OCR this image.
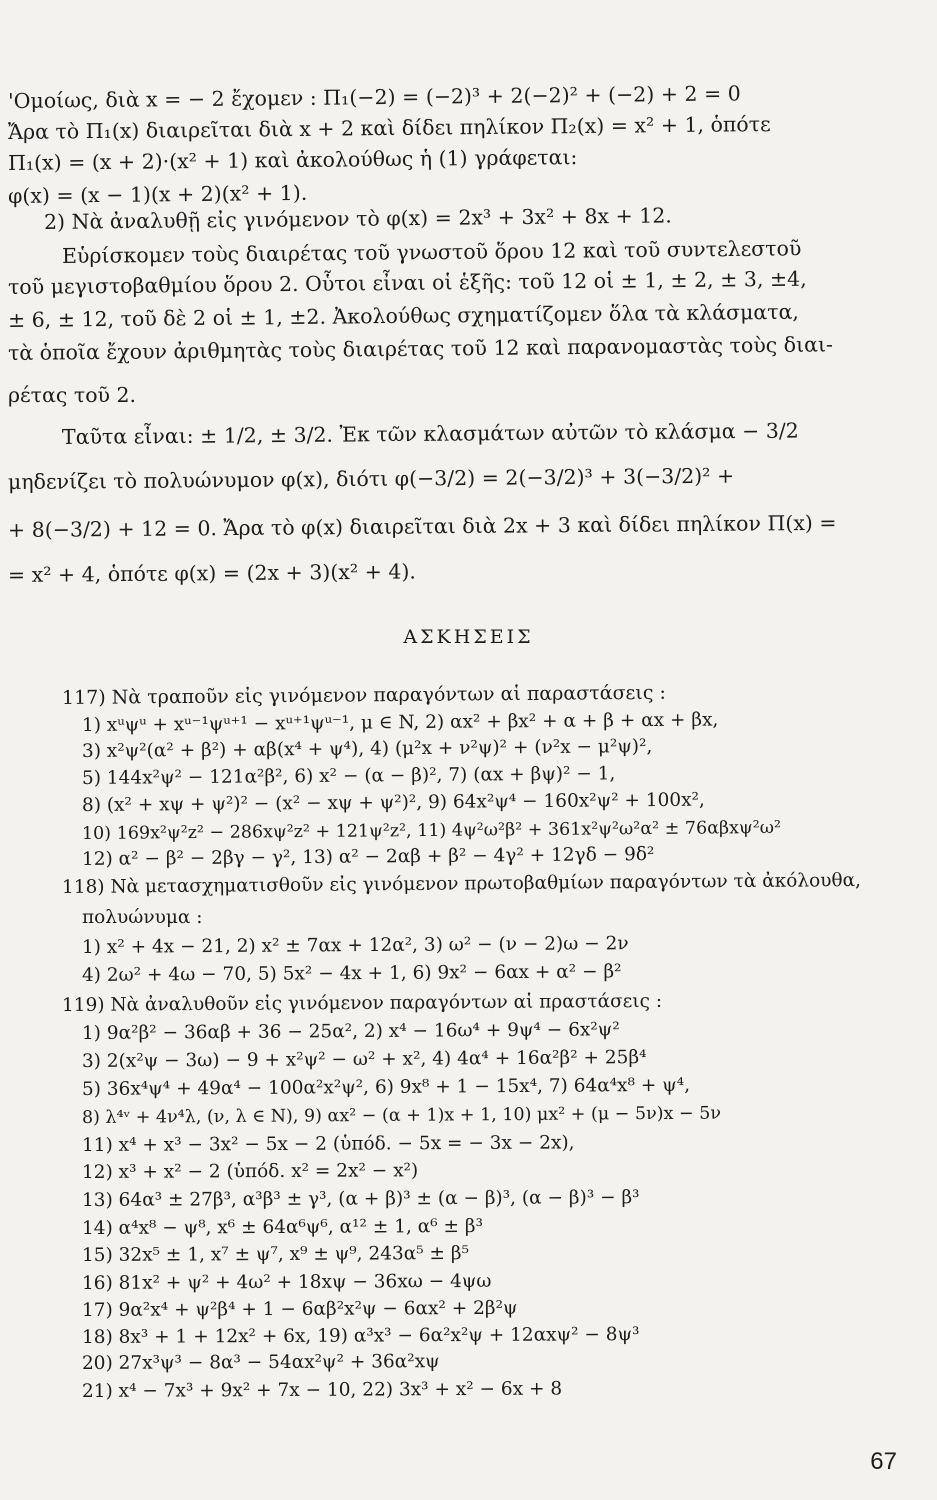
'Ομοίως, διὰ x = − 2 ἔχομεν : Π₁(−2) = (−2)³ + 2(−2)² + (−2) + 2 = 0
Ἄρα τὸ Π₁(x) διαιρεῖται διὰ x + 2 καὶ δίδει πηλίκον Π₂(x) = x² + 1, ὁπότε
Π₁(x) = (x + 2)·(x² + 1) καὶ ἀκολούθως ἡ (1) γράφεται:
φ(x) = (x − 1)(x + 2)(x² + 1).
2) Νὰ ἀναλυθῇ εἰς γινόμενον τὸ φ(x) = 2x³ + 3x² + 8x + 12.
Εὑρίσκομεν τοὺς διαιρέτας τοῦ γνωστοῦ ὅρου 12 καὶ τοῦ συντελεστοῦ
τοῦ μεγιστοβαθμίου ὅρου 2. Οὗτοι εἶναι οἱ ἑξῆς: τοῦ 12 οἱ ± 1, ± 2, ± 3, ±4,
± 6, ± 12, τοῦ δὲ 2 οἱ ± 1, ±2. Ἀκολούθως σχηματίζομεν ὅλα τὰ κλάσματα,
τὰ ὁποῖα ἔχουν ἀριθμητὰς τοὺς διαιρέτας τοῦ 12 καὶ παρανομαστὰς τοὺς διαι-
ρέτας τοῦ 2.
Ταῦτα εἶναι: ± 1/2, ± 3/2. Ἐκ τῶν κλασμάτων αὐτῶν τὸ κλάσμα − 3/2
μηδενίζει τὸ πολυώνυμον φ(x), διότι φ(−3/2) = 2(−3/2)³ + 3(−3/2)² +
+ 8(−3/2) + 12 = 0. Ἄρα τὸ φ(x) διαιρεῖται διὰ 2x + 3 καὶ δίδει πηλίκον Π(x) =
= x² + 4, ὁπότε φ(x) = (2x + 3)(x² + 4).
ΑΣΚΗΣΕΙΣ
117) Νὰ τραποῦν εἰς γινόμενον παραγόντων αἱ παραστάσεις :
1) xᵘψᵘ + xᵘ⁻¹ψᵘ⁺¹ − xᵘ⁺¹ψᵘ⁻¹, μ ∈ N, 2) αx² + βx² + α + β + αx + βx,
3) x²ψ²(α² + β²) + αβ(x⁴ + ψ⁴), 4) (μ²x + ν²ψ)² + (ν²x − μ²ψ)²,
5) 144x²ψ² − 121α²β², 6) x² − (α − β)², 7) (αx + βψ)² − 1,
8) (x² + xψ + ψ²)² − (x² − xψ + ψ²)², 9) 64x²ψ⁴ − 160x²ψ² + 100x²,
10) 169x²ψ²z² − 286xψ²z² + 121ψ²z², 11) 4ψ²ω²β² + 361x²ψ²ω²α² ± 76αβxψ²ω²
12) α² − β² − 2βγ − γ², 13) α² − 2αβ + β² − 4γ² + 12γδ − 9δ²
118) Νὰ μετασχηματισθοῦν εἰς γινόμενον πρωτοβαθμίων παραγόντων τὰ ἀκόλουθα,
πολυώνυμα :
1) x² + 4x − 21, 2) x² ± 7αx + 12α², 3) ω² − (ν − 2)ω − 2ν
4) 2ω² + 4ω − 70, 5) 5x² − 4x + 1, 6) 9x² − 6αx + α² − β²
119) Νὰ ἀναλυθοῦν εἰς γινόμενον παραγόντων αἱ πραστάσεις :
1) 9α²β² − 36αβ + 36 − 25α², 2) x⁴ − 16ω⁴ + 9ψ⁴ − 6x²ψ²
3) 2(x²ψ − 3ω) − 9 + x²ψ² − ω² + x², 4) 4α⁴ + 16α²β² + 25β⁴
5) 36x⁴ψ⁴ + 49α⁴ − 100α²x²ψ², 6) 9x⁸ + 1 − 15x⁴, 7) 64α⁴x⁸ + ψ⁴,
8) λ⁴ᵛ + 4ν⁴λ, (ν, λ ∈ N), 9) αx² − (α + 1)x + 1, 10) μx² + (μ − 5ν)x − 5ν
11) x⁴ + x³ − 3x² − 5x − 2 (ὑπόδ. − 5x = − 3x − 2x),
12) x³ + x² − 2 (ὑπόδ. x² = 2x² − x²)
13) 64α³ ± 27β³, α³β³ ± γ³, (α + β)³ ± (α − β)³, (α − β)³ − β³
14) α⁴x⁸ − ψ⁸, x⁶ ± 64α⁶ψ⁶, α¹² ± 1, α⁶ ± β³
15) 32x⁵ ± 1, x⁷ ± ψ⁷, x⁹ ± ψ⁹, 243α⁵ ± β⁵
16) 81x² + ψ² + 4ω² + 18xψ − 36xω − 4ψω
17) 9α²x⁴ + ψ²β⁴ + 1 − 6αβ²x²ψ − 6αx² + 2β²ψ
18) 8x³ + 1 + 12x² + 6x, 19) α³x³ − 6α²x²ψ + 12αxψ² − 8ψ³
20) 27x³ψ³ − 8α³ − 54αx²ψ² + 36α²xψ
21) x⁴ − 7x³ + 9x² + 7x − 10, 22) 3x³ + x² − 6x + 8
67
